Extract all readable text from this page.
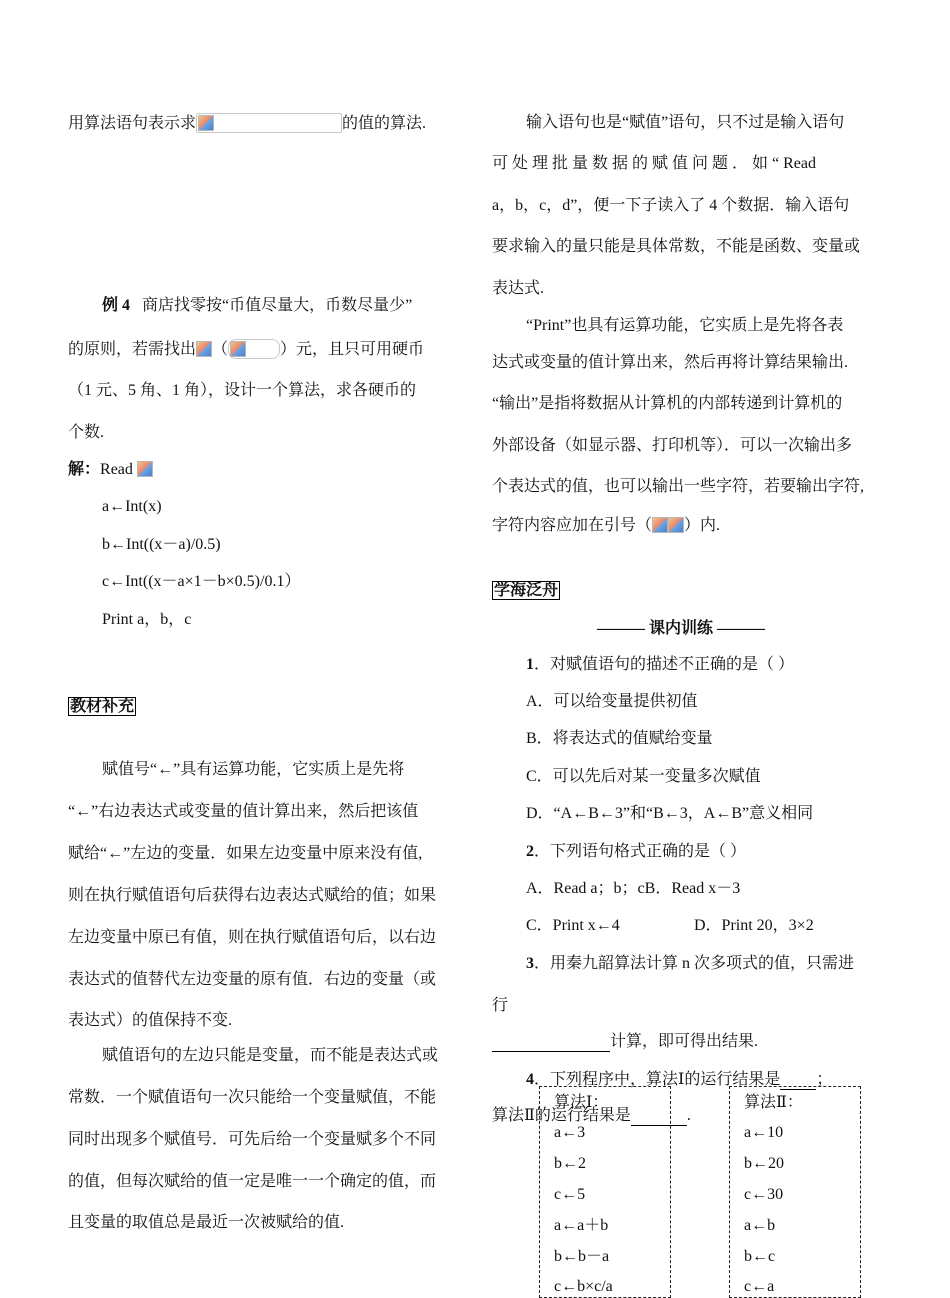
用算法语句表示求	的值的算法.
例 4 商店找零按“币值尽量大，币数尽量少”
的原则，若需找出 （	）元，且只可用硬币
（1 元、5 角、1 角），设计一个算法，求各硬币的
个数.
解：Read
a←Int(x)
b←Int((x－a)/0.5)
c←Int((x－a×1－b×0.5)/0.1）
Print a，b，c
教材补充
赋值号“←”具有运算功能，它实质上是先将
“←”右边表达式或变量的值计算出来，然后把该值
赋给“←”左边的变量．如果左边变量中原来没有值,
则在执行赋值语句后获得右边表达式赋给的值；如果
左边变量中原已有值，则在执行赋值语句后，以右边
表达式的值替代左边变量的原有值．右边的变量（或
表达式）的值保持不变.
赋值语句的左边只能是变量，而不能是表达式或
常数．一个赋值语句一次只能给一个变量赋值，不能
同时出现多个赋值号．可先后给一个变量赋多个不同
的值，但每次赋给的值一定是唯一一个确定的值，而
且变量的取值总是最近一次被赋给的值.
输入语句也是“赋值”语句，只不过是输入语句
可 处 理 批 量 数 据 的 赋 值 问 题 ． 如 “ Read
a，b，c，d”，便一下子读入了 4 个数据．输入语句
要求输入的量只能是具体常数，不能是函数、变量或
表达式.
“Print”也具有运算功能，它实质上是先将各表
达式或变量的值计算出来，然后再将计算结果输出.
“输出”是指将数据从计算机的内部转递到计算机的
外部设备（如显示器、打印机等）．可以一次输出多
个表达式的值，也可以输出一些字符，若要输出字符,
字符内容应加在引号（ ）内.
学海泛舟
——— 课内训练 ———
1．对赋值语句的描述不正确的是（ ）
A．可以给变量提供初值
B．将表达式的值赋给变量
C．可以先后对某一变量多次赋值
D．“A←B←3”和“B←3，A←B”意义相同
2．下列语句格式正确的是（ ）
A．Read a；b；cB．Read x－3
C．Print x←4	D．Print 20，3×2
3．用秦九韶算法计算 n 次多项式的值，只需进
行
计算，即可得出结果.
4．下列程序中，算法Ⅰ的运行结果是 ；
算法Ⅱ的运行结果是	.
算法Ⅰ：
a←3
b←2
c←5
a←a＋b
b←b－a
c←b×c/a
算法Ⅱ：
a←10
b←20
c←30
a←b
b←c
c←a
